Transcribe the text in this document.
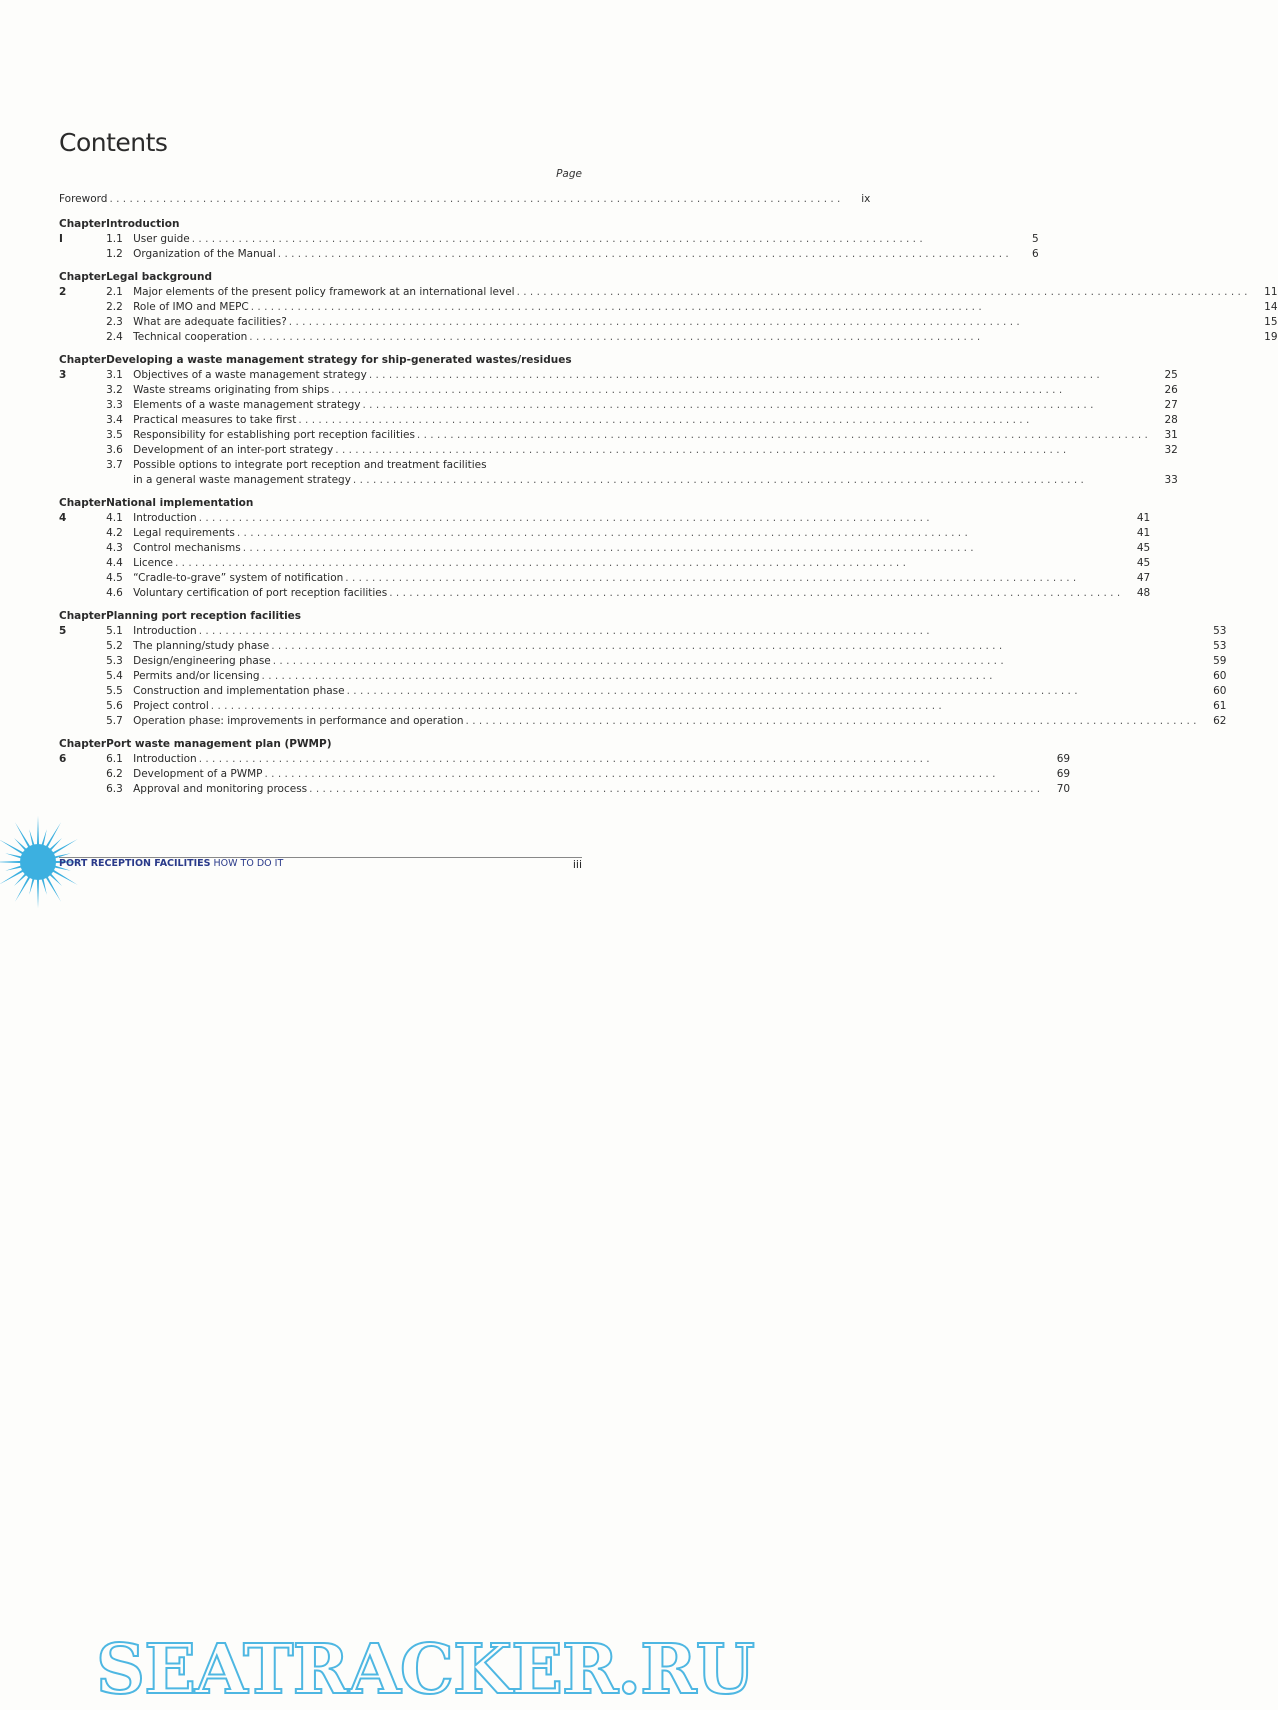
Contents
Page
Foreword . . .	ix
Chapter I
Introduction
1.1 User guide . . .	5
1.2 Organization of the Manual . . .	6
Chapter 2
Legal background
2.1 Major elements of the present policy framework at an international level . . .	11
2.2 Role of IMO and MEPC . . .	14
2.3 What are adequate facilities? . . .	15
2.4 Technical cooperation . . .	19
Chapter 3
Developing a waste management strategy for ship-generated wastes/residues
3.1 Objectives of a waste management strategy . . .	25
3.2 Waste streams originating from ships . . .	26
3.3 Elements of a waste management strategy . . .	27
3.4 Practical measures to take first . . .	28
3.5 Responsibility for establishing port reception facilities . . .	31
3.6 Development of an inter-port strategy . . .	32
3.7 Possible options to integrate port reception and treatment facilities
in a general waste management strategy . . .	33
Chapter 4
National implementation
4.1 Introduction . . .	41
4.2 Legal requirements . . .	41
4.3 Control mechanisms . . .	45
4.4 Licence . . .	45
4.5 “Cradle-to-grave” system of notification . . .	47
4.6 Voluntary certification of port reception facilities . . .	48
Chapter 5
Planning port reception facilities
5.1 Introduction . . .	53
5.2 The planning/study phase . . .	53
5.3 Design/engineering phase . . .	59
5.4 Permits and/or licensing . . .	60
5.5 Construction and implementation phase . . .	60
5.6 Project control . . .	61
5.7 Operation phase: improvements in performance and operation . . .	62
Chapter 6
Port waste management plan (PWMP)
6.1 Introduction . . .	69
6.2 Development of a PWMP . . .	69
6.3 Approval and monitoring process . . .	70
SEATRACKER.RU
PORT RECEPTION FACILITIES HOW TO DO IT	iii
